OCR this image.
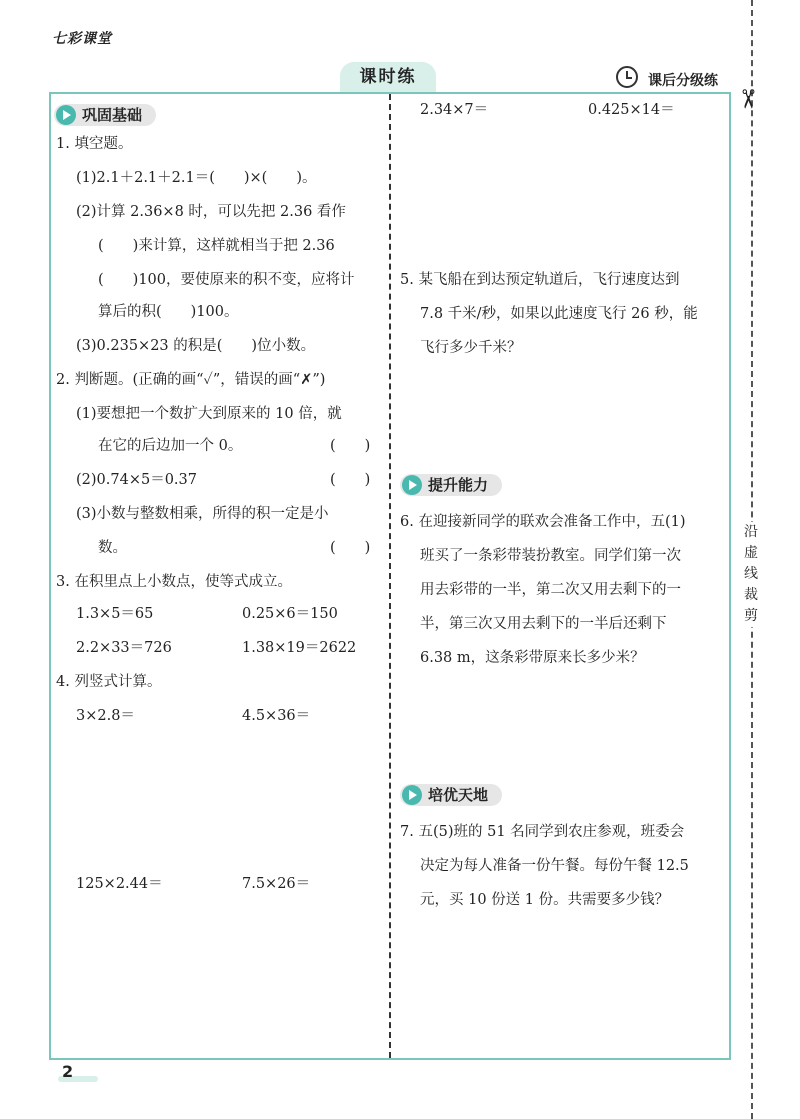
七彩课堂
课时练	课后分级练
✂
沿虚线裁剪
巩固基础
提升能力
培优天地
1. 填空题。
(1)2.1＋2.1＋2.1＝(　　)×(　　)。
(2)计算 2.36×8 时，可以先把 2.36 看作
(　　)来计算，这样就相当于把 2.36
(　　)100，要使原来的积不变，应将计
算后的积(　　)100。
(3)0.235×23 的积是(　　)位小数。
2. 判断题。(正确的画“✓”，错误的画“✗”)
(1)要想把一个数扩大到原来的 10 倍，就
在它的后边加一个 0。	(　　)
(2)0.74×5＝0.37	(　　)
(3)小数与整数相乘，所得的积一定是小
数。	(　　)
3. 在积里点上小数点，使等式成立。
1.3×5＝65	0.25×6＝150
2.2×33＝726	1.38×19＝2622
4. 列竖式计算。
3×2.8＝	4.5×36＝
125×2.44＝	7.5×26＝
2.34×7＝	0.425×14＝
5. 某飞船在到达预定轨道后，飞行速度达到
7.8 千米/秒，如果以此速度飞行 26 秒，能
飞行多少千米？
6. 在迎接新同学的联欢会准备工作中，五(1)
班买了一条彩带装扮教室。同学们第一次
用去彩带的一半，第二次又用去剩下的一
半，第三次又用去剩下的一半后还剩下
6.38 m，这条彩带原来长多少米？
7. 五(5)班的 51 名同学到农庄参观，班委会
决定为每人准备一份午餐。每份午餐 12.5
元，买 10 份送 1 份。共需要多少钱？
2
